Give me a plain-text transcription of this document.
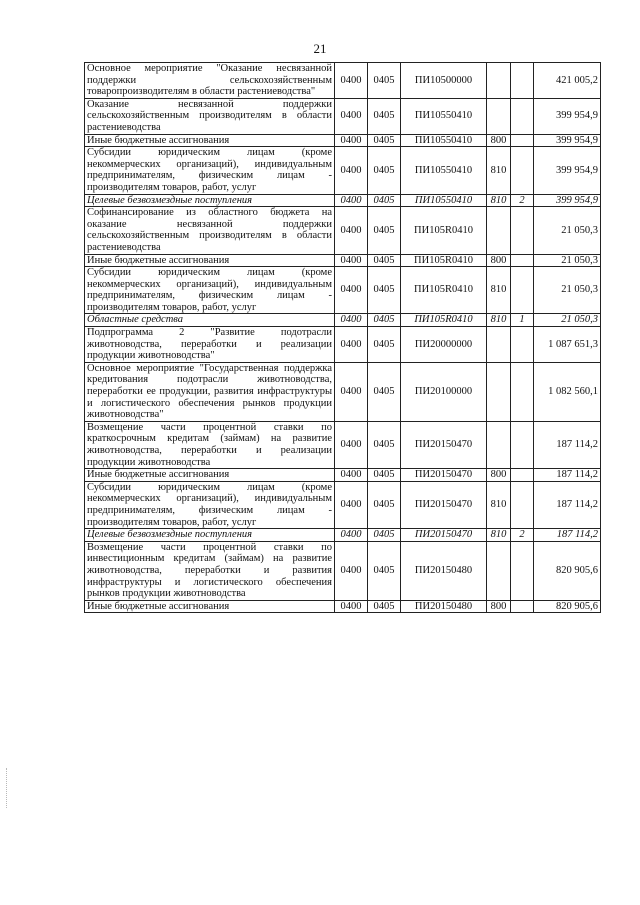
21
Основное мероприятие "Оказание несвязанной поддержки сельскохозяйственным товаропроизводителям в области растениеводства"	0400	0405	ПИ10500000			421 005,2
Оказание несвязанной поддержки сельскохозяйственным производителям в области растениеводства	0400	0405	ПИ10550410			399 954,9
Иные бюджетные ассигнования	0400	0405	ПИ10550410	800		399 954,9
Субсидии юридическим лицам (кроме некоммерческих организаций), индивидуальным предпринимателям, физическим лицам - производителям товаров, работ, услуг	0400	0405	ПИ10550410	810		399 954,9
Целевые безвозмездные поступления	0400	0405	ПИ10550410	810	2	399 954,9
Софинансирование из областного бюджета на оказание несвязанной поддержки сельскохозяйственным производителям в области растениеводства	0400	0405	ПИ105R0410			21 050,3
Иные бюджетные ассигнования	0400	0405	ПИ105R0410	800		21 050,3
Субсидии юридическим лицам (кроме некоммерческих организаций), индивидуальным предпринимателям, физическим лицам - производителям товаров, работ, услуг	0400	0405	ПИ105R0410	810		21 050,3
Областные средства	0400	0405	ПИ105R0410	810	1	21 050,3
Подпрограмма 2 "Развитие подотрасли животноводства, переработки и реализации продукции животноводства"	0400	0405	ПИ20000000			1 087 651,3
Основное мероприятие "Государственная поддержка кредитования подотрасли животноводства, переработки ее продукции, развития инфраструктуры и логистического обеспечения рынков продукции животноводства"	0400	0405	ПИ20100000			1 082 560,1
Возмещение части процентной ставки по краткосрочным кредитам (займам) на развитие животноводства, переработки и реализации продукции животноводства	0400	0405	ПИ20150470			187 114,2
Иные бюджетные ассигнования	0400	0405	ПИ20150470	800		187 114,2
Субсидии юридическим лицам (кроме некоммерческих организаций), индивидуальным предпринимателям, физическим лицам - производителям товаров, работ, услуг	0400	0405	ПИ20150470	810		187 114,2
Целевые безвозмездные поступления	0400	0405	ПИ20150470	810	2	187 114,2
Возмещение части процентной ставки по инвестиционным кредитам (займам) на развитие животноводства, переработки и развития инфраструктуры и логистического обеспечения рынков продукции животноводства	0400	0405	ПИ20150480			820 905,6
Иные бюджетные ассигнования	0400	0405	ПИ20150480	800		820 905,6
